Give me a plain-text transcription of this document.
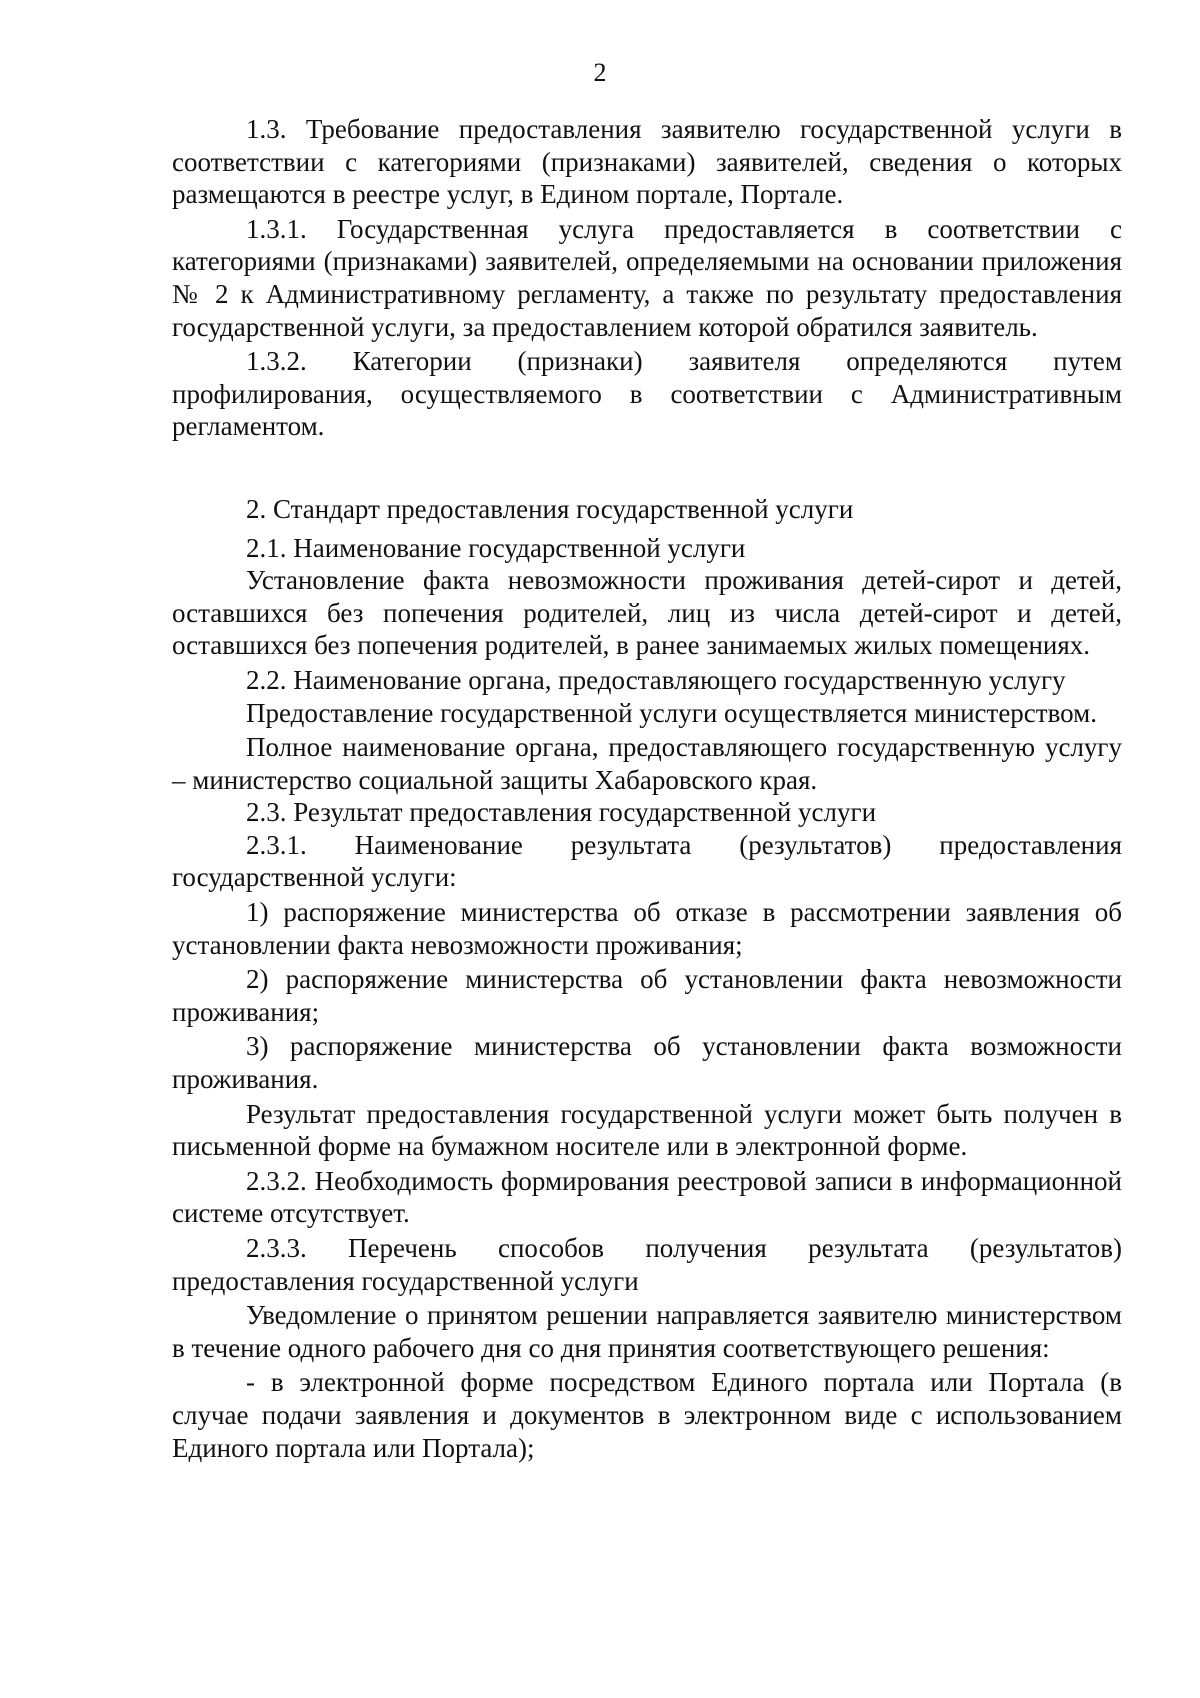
2

1.3. Требование предоставления заявителю государственной услуги в соответствии с категориями (признаками) заявителей, сведения о которых размещаются в реестре услуг, в Едином портале, Портале.

1.3.1. Государственная услуга предоставляется в соответствии с категориями (признаками) заявителей, определяемыми на основании приложения № 2 к Административному регламенту, а также по результату предоставления государственной услуги, за предоставлением которой обратился заявитель.

1.3.2. Категории (признаки) заявителя определяются путем профилирования, осуществляемого в соответствии с Административным регламентом.

2. Стандарт предоставления государственной услуги

2.1. Наименование государственной услуги

Установление факта невозможности проживания детей-сирот и детей, оставшихся без попечения родителей, лиц из числа детей-сирот и детей, оставшихся без попечения родителей, в ранее занимаемых жилых помещениях.

2.2. Наименование органа, предоставляющего государственную услугу

Предоставление государственной услуги осуществляется министерством.

Полное наименование органа, предоставляющего государственную услугу – министерство социальной защиты Хабаровского края.

2.3. Результат предоставления государственной услуги

2.3.1. Наименование результата (результатов) предоставления государственной услуги:

1) распоряжение министерства об отказе в рассмотрении заявления об установлении факта невозможности проживания;

2) распоряжение министерства об установлении факта невозможности проживания;

3) распоряжение министерства об установлении факта возможности проживания.

Результат предоставления государственной услуги может быть получен в письменной форме на бумажном носителе или в электронной форме.

2.3.2. Необходимость формирования реестровой записи в информационной системе отсутствует.

2.3.3. Перечень способов получения результата (результатов) предоставления государственной услуги

Уведомление о принятом решении направляется заявителю министерством в течение одного рабочего дня со дня принятия соответствующего решения:

- в электронной форме посредством Единого портала или Портала (в случае подачи заявления и документов в электронном виде с использованием Единого портала или Портала);
